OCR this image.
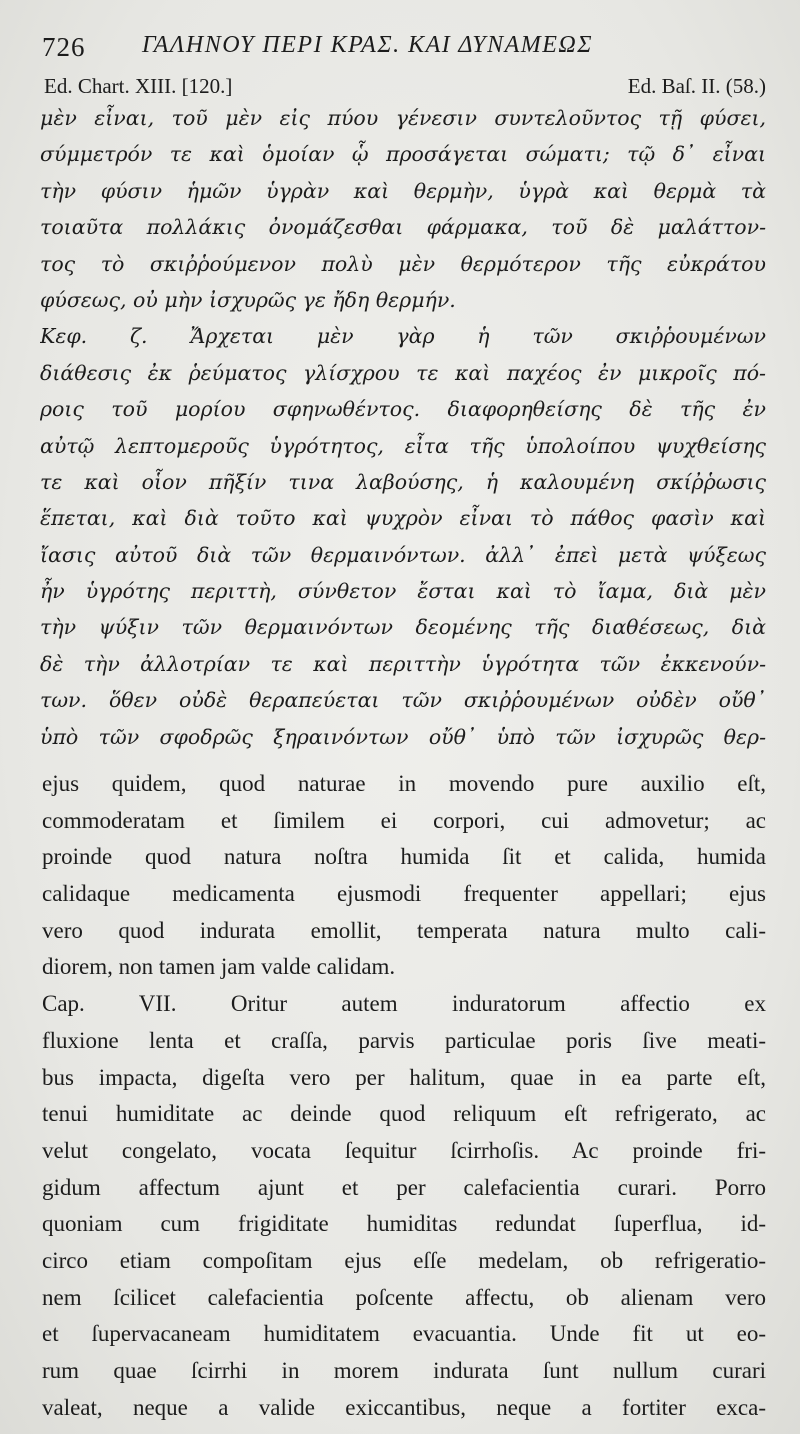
726 ΓΑΛΗΝΟΥ ΠΕΡΙ ΚΡΑΣ. ΚΑΙ ΔΥΝΑΜΕΩΣ
Ed. Chart. XIII. [120.]	Ed. Baſ. II. (58.)
μὲν εἶναι, τοῦ μὲν εἰς πύου γένεσιν συντελοῦντος τῇ φύσει,
σύμμετρόν τε καὶ ὁμοίαν ᾧ προσάγεται σώματι; τῷ δ᾽ εἶναι
τὴν φύσιν ἡμῶν ὑγρὰν καὶ θερμὴν, ὑγρὰ καὶ θερμὰ τὰ
τοιαῦτα πολλάκις ὀνομάζεσθαι φάρμακα, τοῦ δὲ μαλάττον-
τος τὸ σκιῤῥούμενον πολὺ μὲν θερμότερον τῆς εὐκράτου
φύσεως, οὐ μὴν ἰσχυρῶς γε ἤδη θερμήν.
Κεφ. ζ. Ἄρχεται μὲν γὰρ ἡ τῶν σκιῤῥουμένων
διάθεσις ἐκ ῥεύματος γλίσχρου τε καὶ παχέος ἐν μικροῖς πό-
ροις τοῦ μορίου σφηνωθέντος. διαφορηθείσης δὲ τῆς ἐν
αὐτῷ λεπτομεροῦς ὑγρότητος, εἶτα τῆς ὑπολοίπου ψυχθείσης
τε καὶ οἷον πῆξίν τινα λαβούσης, ἡ καλουμένη σκίῤῥωσις
ἕπεται, καὶ διὰ τοῦτο καὶ ψυχρὸν εἶναι τὸ πάθος φασὶν καὶ
ἴασις αὐτοῦ διὰ τῶν θερμαινόντων. ἀλλ᾽ ἐπεὶ μετὰ ψύξεως
ἦν ὑγρότης περιττὴ, σύνθετον ἔσται καὶ τὸ ἴαμα, διὰ μὲν
τὴν ψύξιν τῶν θερμαινόντων δεομένης τῆς διαθέσεως, διὰ
δὲ τὴν ἀλλοτρίαν τε καὶ περιττὴν ὑγρότητα τῶν ἐκκενούν-
των. ὅθεν οὐδὲ θεραπεύεται τῶν σκιῤῥουμένων οὐδὲν οὔθ᾽
ὑπὸ τῶν σφοδρῶς ξηραινόντων οὔθ᾽ ὑπὸ τῶν ἰσχυρῶς θερ-
ejus quidem, quod naturae in movendo pure auxilio eſt,
commoderatam et ſimilem ei corpori, cui admovetur; ac
proinde quod natura noſtra humida ſit et calida, humida
calidaque medicamenta ejusmodi frequenter appellari; ejus
vero quod indurata emollit, temperata natura multo cali-
diorem, non tamen jam valde calidam.
Cap. VII. Oritur autem induratorum affectio ex
fluxione lenta et craſſa, parvis particulae poris ſive meati-
bus impacta, digeſta vero per halitum, quae in ea parte eſt,
tenui humiditate ac deinde quod reliquum eſt refrigerato, ac
velut congelato, vocata ſequitur ſcirrhoſis. Ac proinde fri-
gidum affectum ajunt et per calefacientia curari. Porro
quoniam cum frigiditate humiditas redundat ſuperflua, id-
circo etiam compoſitam ejus eſſe medelam, ob refrigeratio-
nem ſcilicet calefacientia poſcente affectu, ob alienam vero
et ſupervacaneam humiditatem evacuantia. Unde fit ut eo-
rum quae ſcirrhi in morem indurata ſunt nullum curari
valeat, neque a valide exiccantibus, neque a fortiter exca-
